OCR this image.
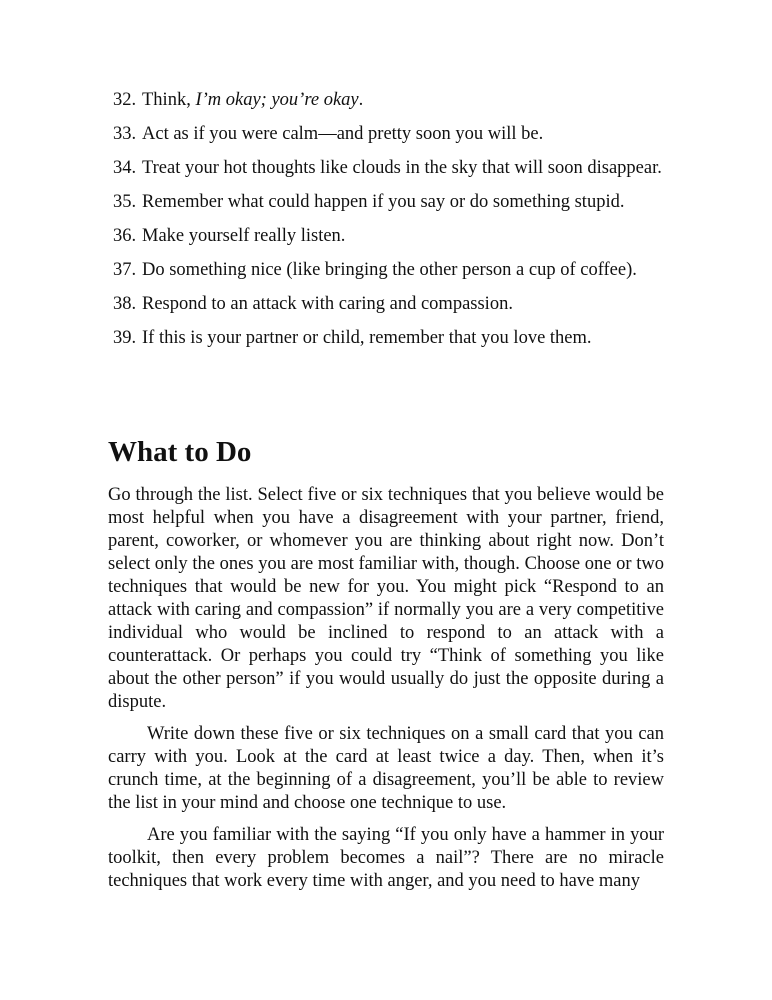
32. Think, I’m okay; you’re okay.
33. Act as if you were calm—and pretty soon you will be.
34. Treat your hot thoughts like clouds in the sky that will soon disappear.
35. Remember what could happen if you say or do something stupid.
36. Make yourself really listen.
37. Do something nice (like bringing the other person a cup of coffee).
38. Respond to an attack with caring and compassion.
39. If this is your partner or child, remember that you love them.
What to Do

Go through the list. Select five or six techniques that you believe would be most helpful when you have a disagreement with your partner, friend, parent, coworker, or whomever you are thinking about right now. Don’t select only the ones you are most familiar with, though. Choose one or two techniques that would be new for you. You might pick “Respond to an attack with caring and compassion” if normally you are a very competitive individual who would be inclined to respond to an attack with a counterattack. Or perhaps you could try “Think of something you like about the other person” if you would usually do just the opposite during a dispute.

Write down these five or six techniques on a small card that you can carry with you. Look at the card at least twice a day. Then, when it’s crunch time, at the beginning of a disagreement, you’ll be able to review the list in your mind and choose one technique to use.

Are you familiar with the saying “If you only have a hammer in your toolkit, then every problem becomes a nail”? There are no miracle techniques that work every time with anger, and you need to have many
